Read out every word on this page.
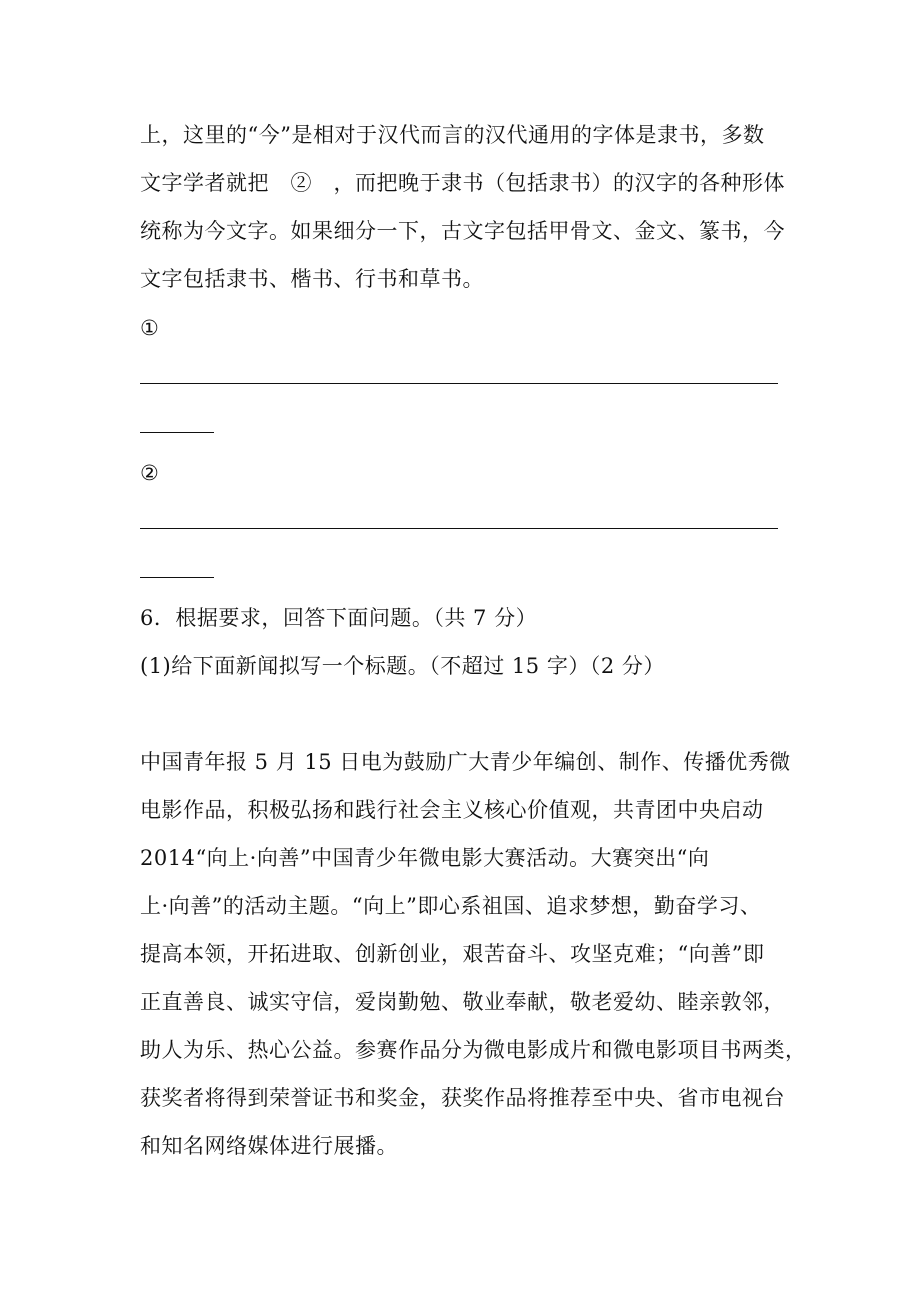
上，这里的“今”是相对于汉代而言的汉代通用的字体是隶书，多数
文字学者就把　②　，而把晚于隶书（包括隶书）的汉字的各种形体
统称为今文字。如果细分一下，古文字包括甲骨文、金文、篆书，今
文字包括隶书、楷书、行书和草书。
①
②
6．根据要求，回答下面问题。（共 7 分）
(1)给下面新闻拟写一个标题。（不超过 15 字）（2 分）
中国青年报 5 月 15 日电为鼓励广大青少年编创、制作、传播优秀微
电影作品，积极弘扬和践行社会主义核心价值观，共青团中央启动
2014“向上·向善”中国青少年微电影大赛活动。大赛突出“向
上·向善”的活动主题。“向上”即心系祖国、追求梦想，勤奋学习、
提高本领，开拓进取、创新创业，艰苦奋斗、攻坚克难；“向善”即
正直善良、诚实守信，爱岗勤勉、敬业奉献，敬老爱幼、睦亲敦邻，
助人为乐、热心公益。参赛作品分为微电影成片和微电影项目书两类，
获奖者将得到荣誉证书和奖金，获奖作品将推荐至中央、省市电视台
和知名网络媒体进行展播。
